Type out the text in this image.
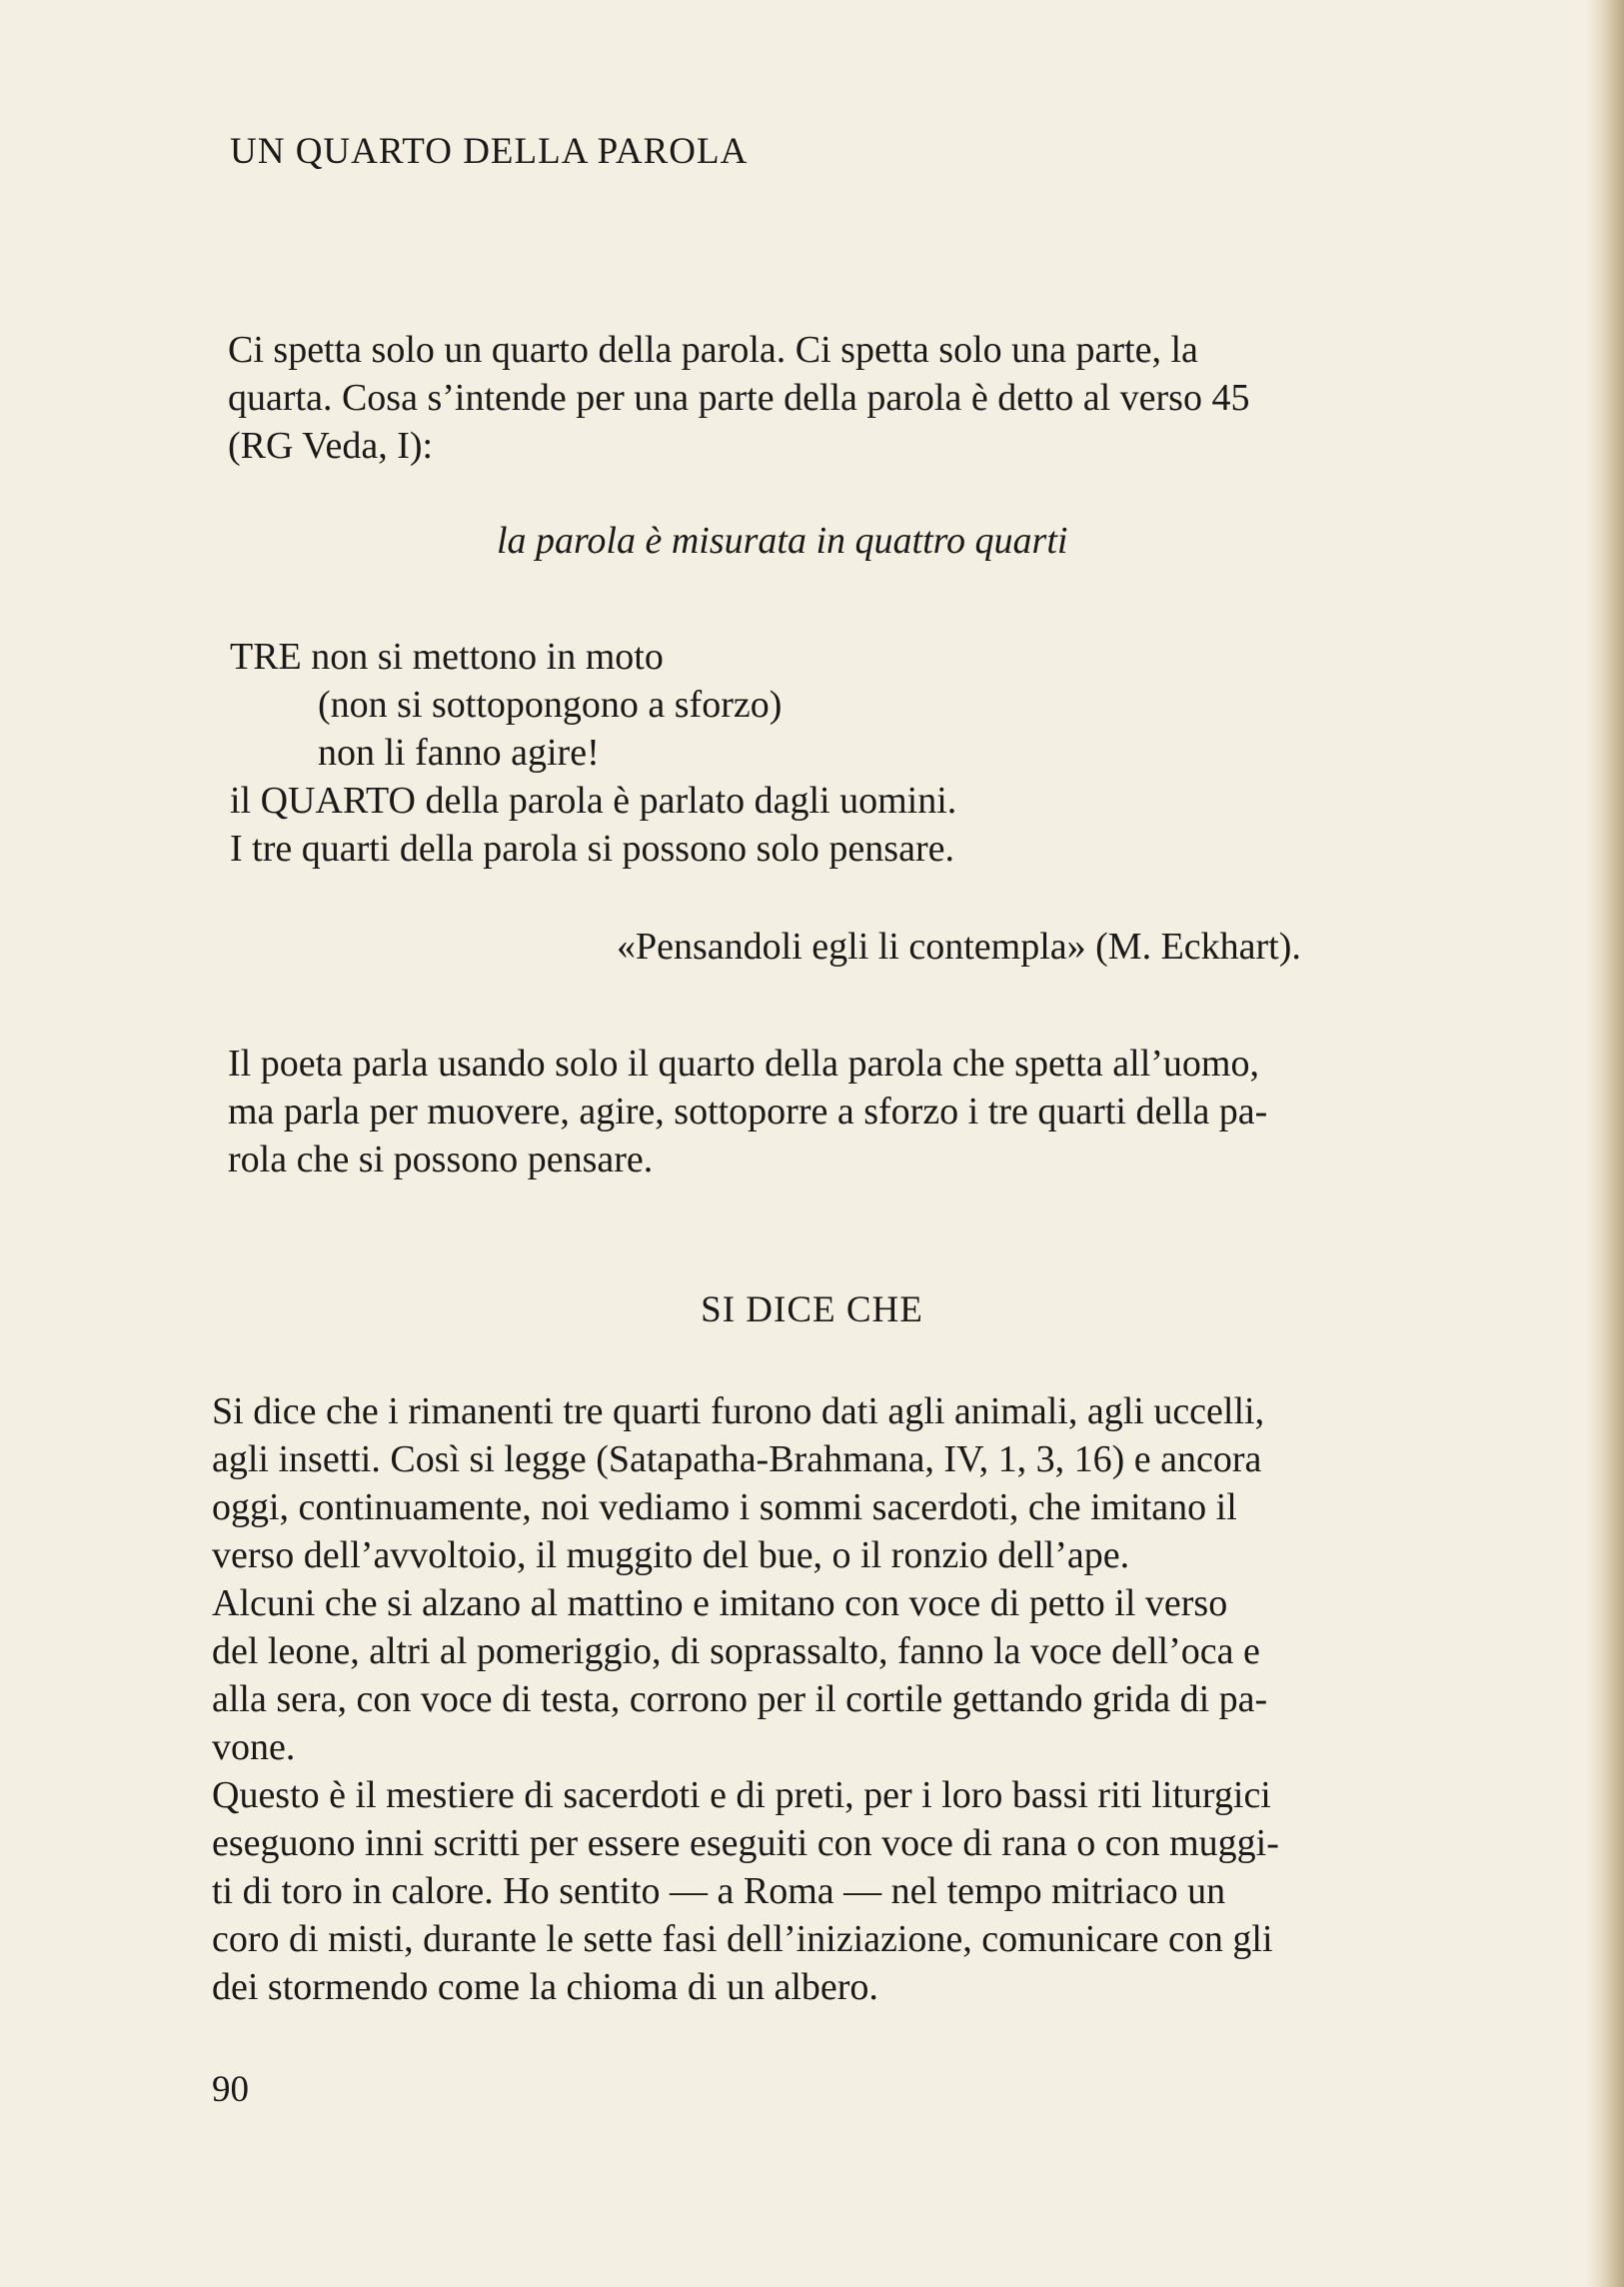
UN QUARTO DELLA PAROLA
Ci spetta solo un quarto della parola. Ci spetta solo una parte, la
quarta. Cosa s’intende per una parte della parola è detto al verso 45
(RG Veda, I):
la parola è misurata in quattro quarti
TRE non si mettono in moto
(non si sottopongono a sforzo)
non li fanno agire!
il QUARTO della parola è parlato dagli uomini.
I tre quarti della parola si possono solo pensare.
«Pensandoli egli li contempla» (M. Eckhart).
Il poeta parla usando solo il quarto della parola che spetta all’uomo,
ma parla per muovere, agire, sottoporre a sforzo i tre quarti della pa-
rola che si possono pensare.
SI DICE CHE
Si dice che i rimanenti tre quarti furono dati agli animali, agli uccelli,
agli insetti. Così si legge (Satapatha-Brahmana, IV, 1, 3, 16) e ancora
oggi, continuamente, noi vediamo i sommi sacerdoti, che imitano il
verso dell’avvoltoio, il muggito del bue, o il ronzio dell’ape.
Alcuni che si alzano al mattino e imitano con voce di petto il verso
del leone, altri al pomeriggio, di soprassalto, fanno la voce dell’oca e
alla sera, con voce di testa, corrono per il cortile gettando grida di pa-
vone.
Questo è il mestiere di sacerdoti e di preti, per i loro bassi riti liturgici
eseguono inni scritti per essere eseguiti con voce di rana o con muggi-
ti di toro in calore. Ho sentito — a Roma — nel tempo mitriaco un
coro di misti, durante le sette fasi dell’iniziazione, comunicare con gli
dei stormendo come la chioma di un albero.
90
